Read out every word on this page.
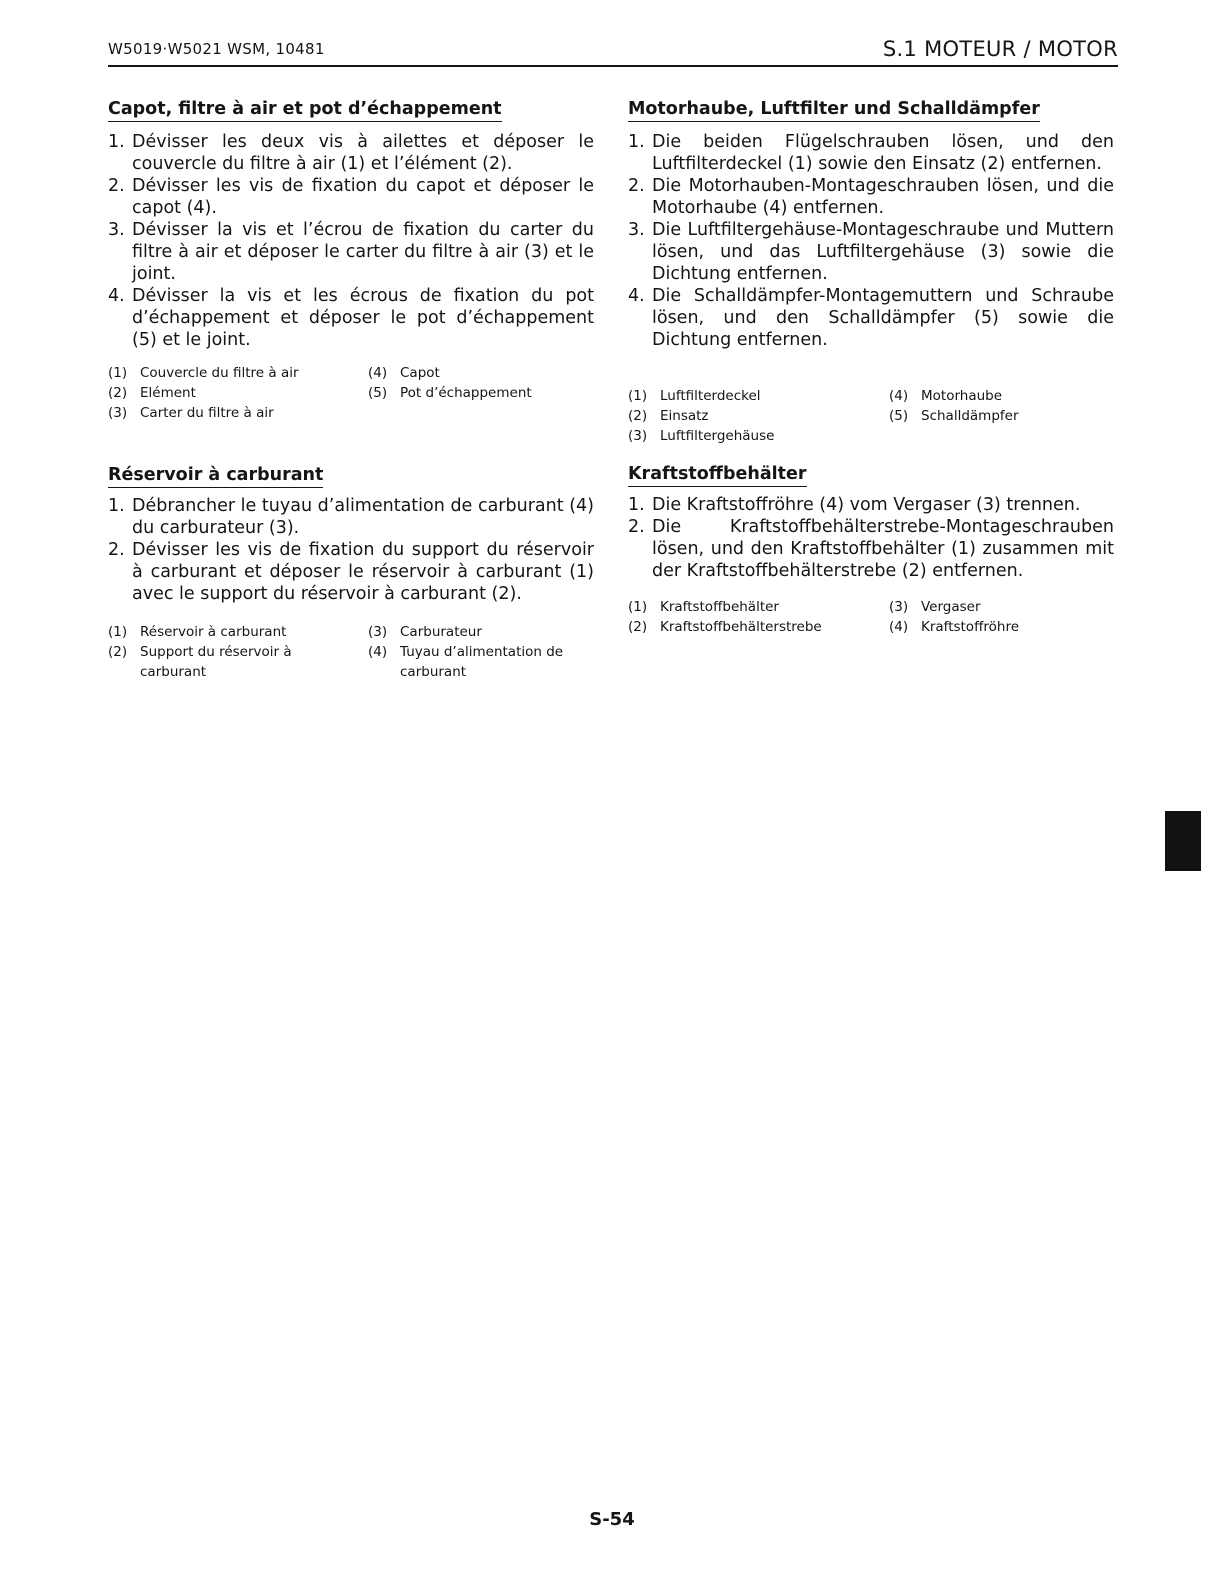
W5019·W5021 WSM, 10481	S.1 MOTEUR / MOTOR
Capot, filtre à air et pot d’échappement
1. Dévisser les deux vis à ailettes et déposer le couvercle du filtre à air (1) et l’élément (2).
2. Dévisser les vis de fixation du capot et déposer le capot (4).
3. Dévisser la vis et l’écrou de fixation du carter du filtre à air et déposer le carter du filtre à air (3) et le joint.
4. Dévisser la vis et les écrous de fixation du pot d’échappement et déposer le pot d’échappement (5) et le joint.
(1) Couvercle du filtre à air
(2) Elément
(3) Carter du filtre à air
(4) Capot
(5) Pot d’échappement
Réservoir à carburant
1. Débrancher le tuyau d’alimentation de carburant (4) du carburateur (3).
2. Dévisser les vis de fixation du support du réservoir à carburant et déposer le réservoir à carburant (1) avec le support du réservoir à carburant (2).
(1) Réservoir à carburant
(2) Support du réservoir à carburant
(3) Carburateur
(4) Tuyau d’alimentation de carburant
Motorhaube, Luftfilter und Schalldämpfer
1. Die beiden Flügelschrauben lösen, und den Luftfilterdeckel (1) sowie den Einsatz (2) entfernen.
2. Die Motorhauben-Montageschrauben lösen, und die Motorhaube (4) entfernen.
3. Die Luftfiltergehäuse-Montageschraube und Muttern lösen, und das Luftfiltergehäuse (3) sowie die Dichtung entfernen.
4. Die Schalldämpfer-Montagemuttern und Schraube lösen, und den Schalldämpfer (5) sowie die Dichtung entfernen.
(1) Luftfilterdeckel
(2) Einsatz
(3) Luftfiltergehäuse
(4) Motorhaube
(5) Schalldämpfer
Kraftstoffbehälter
1. Die Kraftstoffröhre (4) vom Vergaser (3) trennen.
2. Die Kraftstoffbehälterstrebe-Montageschrauben lösen, und den Kraftstoffbehälter (1) zusammen mit der Kraftstoffbehälterstrebe (2) entfernen.
(1) Kraftstoffbehälter
(2) Kraftstoffbehälterstrebe
(3) Vergaser
(4) Kraftstoffröhre
S-54
